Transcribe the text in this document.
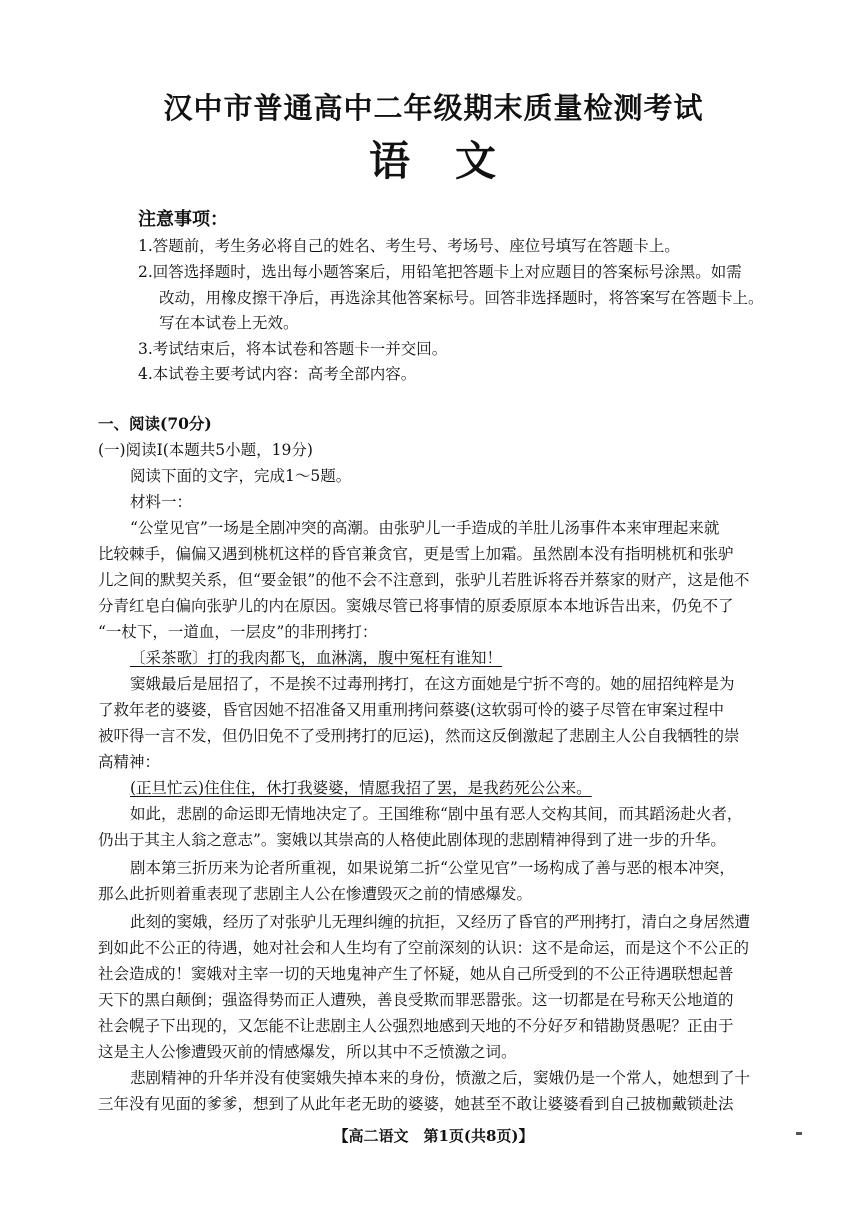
汉中市普通高中二年级期末质量检测考试
语　文
注意事项：
1.答题前，考生务必将自己的姓名、考生号、考场号、座位号填写在答题卡上。
2.回答选择题时，选出每小题答案后，用铅笔把答题卡上对应题目的答案标号涂黑。如需
改动，用橡皮擦干净后，再选涂其他答案标号。回答非选择题时，将答案写在答题卡上。
写在本试卷上无效。
3.考试结束后，将本试卷和答题卡一并交回。
4.本试卷主要考试内容：高考全部内容。
一、阅读(70分)
(一)阅读Ⅰ(本题共5小题，19分)
阅读下面的文字，完成1～5题。
材料一：
“公堂见官”一场是全剧冲突的高潮。由张驴儿一手造成的羊肚儿汤事件本来审理起来就
比较棘手，偏偏又遇到桃杌这样的昏官兼贪官，更是雪上加霜。虽然剧本没有指明桃杌和张驴
儿之间的默契关系，但“要金银”的他不会不注意到，张驴儿若胜诉将吞并蔡家的财产，这是他不
分青红皂白偏向张驴儿的内在原因。窦娥尽管已将事情的原委原原本本地诉告出来，仍免不了
“一杖下，一道血，一层皮”的非刑拷打：
〔采茶歌〕打的我肉都飞，血淋漓，腹中冤枉有谁知！
窦娥最后是屈招了，不是挨不过毒刑拷打，在这方面她是宁折不弯的。她的屈招纯粹是为
了救年老的婆婆，昏官因她不招准备又用重刑拷问蔡婆(这软弱可怜的婆子尽管在审案过程中
被吓得一言不发，但仍旧免不了受刑拷打的厄运)，然而这反倒激起了悲剧主人公自我牺牲的崇
高精神：
(正旦忙云)住住住，休打我婆婆，情愿我招了罢，是我药死公公来。
如此，悲剧的命运即无情地决定了。王国维称“剧中虽有恶人交构其间，而其蹈汤赴火者，
仍出于其主人翁之意志”。窦娥以其崇高的人格使此剧体现的悲剧精神得到了进一步的升华。
剧本第三折历来为论者所重视，如果说第二折“公堂见官”一场构成了善与恶的根本冲突，
那么此折则着重表现了悲剧主人公在惨遭毁灭之前的情感爆发。
此刻的窦娥，经历了对张驴儿无理纠缠的抗拒，又经历了昏官的严刑拷打，清白之身居然遭
到如此不公正的待遇，她对社会和人生均有了空前深刻的认识：这不是命运，而是这个不公正的
社会造成的！窦娥对主宰一切的天地鬼神产生了怀疑，她从自己所受到的不公正待遇联想起普
天下的黑白颠倒；强盗得势而正人遭殃，善良受欺而罪恶嚣张。这一切都是在号称天公地道的
社会幌子下出现的，又怎能不让悲剧主人公强烈地感到天地的不分好歹和错勘贤愚呢？正由于
这是主人公惨遭毁灭前的情感爆发，所以其中不乏愤激之词。
悲剧精神的升华并没有使窦娥失掉本来的身份，愤激之后，窦娥仍是一个常人，她想到了十
三年没有见面的爹爹，想到了从此年老无助的婆婆，她甚至不敢让婆婆看到自己披枷戴锁赴法
【高二语文　第1页(共8页)】
